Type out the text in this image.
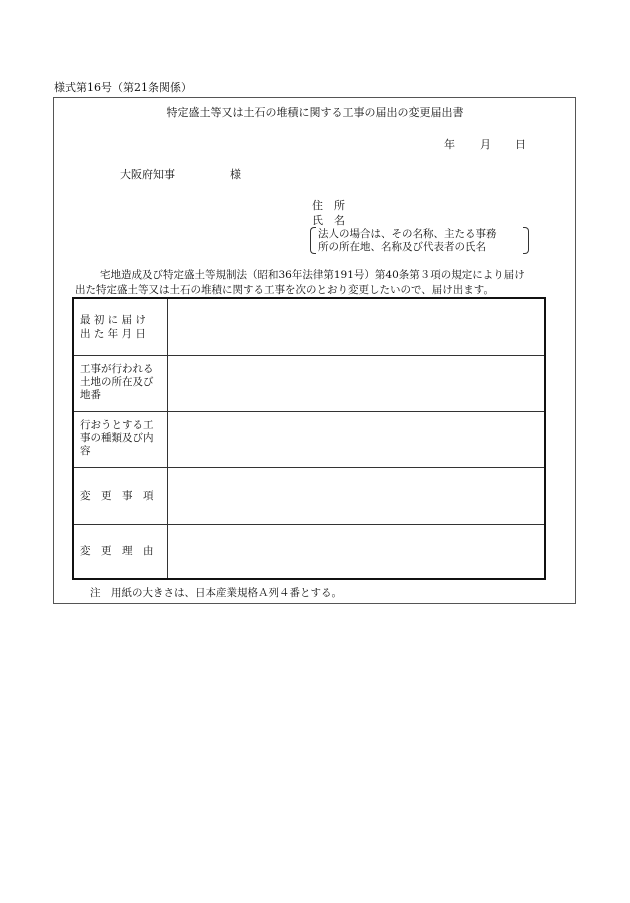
様式第16号（第21条関係）
特定盛土等又は土石の堆積に関する工事の届出の変更届出書
年 月 日
大阪府知事	様
住　所
氏　名
法人の場合は、その名称、主たる事務
所の所在地、名称及び代表者の氏名
宅地造成及び特定盛土等規制法（昭和36年法律第191号）第40条第３項の規定により届け
出た特定盛土等又は土石の堆積に関する工事を次のとおり変更したいので、届け出ます。
最 初 に 届 け
出 た 年 月 日
工事が行われる
土地の所在及び
地番
行おうとする工
事の種類及び内
容
変　更　事　項
変　更　理　由
注　用紙の大きさは、日本産業規格Ａ列４番とする。
